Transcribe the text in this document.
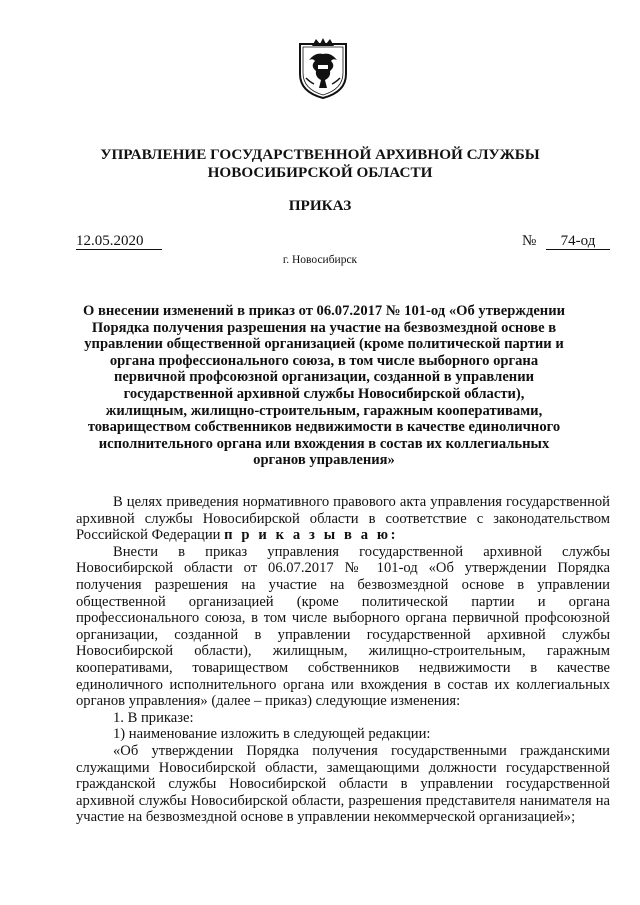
УПРАВЛЕНИЕ ГОСУДАРСТВЕННОЙ АРХИВНОЙ СЛУЖБЫ
НОВОСИБИРСКОЙ ОБЛАСТИ
ПРИКАЗ
12.05.2020	№	74-од
г. Новосибирск
О внесении изменений в приказ от 06.07.2017 № 101-од «Об утверждении Порядка получения разрешения на участие на безвозмездной основе в управлении общественной организацией (кроме политической партии и органа профессионального союза, в том числе выборного органа первичной профсоюзной организации, созданной в управлении государственной архивной службы Новосибирской области), жилищным, жилищно-строительным, гаражным кооперативами, товариществом собственников недвижимости в качестве единоличного исполнительного органа или вхождения в состав их коллегиальных органов управления»

В целях приведения нормативного правового акта управления государственной архивной службы Новосибирской области в соответствие с законодательством Российской Федерации п р и к а з ы в а ю:

Внести в приказ управления государственной архивной службы Новосибирской области от 06.07.2017 № 101-од «Об утверждении Порядка получения разрешения на участие на безвозмездной основе в управлении общественной организацией (кроме политической партии и органа профессионального союза, в том числе выборного органа первичной профсоюзной организации, созданной в управлении государственной архивной службы Новосибирской области), жилищным, жилищно-строительным, гаражным кооперативами, товариществом собственников недвижимости в качестве единоличного исполнительного органа или вхождения в состав их коллегиальных органов управления» (далее – приказ) следующие изменения:

1. В приказе:

1) наименование изложить в следующей редакции:

«Об утверждении Порядка получения государственными гражданскими служащими Новосибирской области, замещающими должности государственной гражданской службы Новосибирской области в управлении государственной архивной службы Новосибирской области, разрешения представителя нанимателя на участие на безвозмездной основе в управлении некоммерческой организацией»;
